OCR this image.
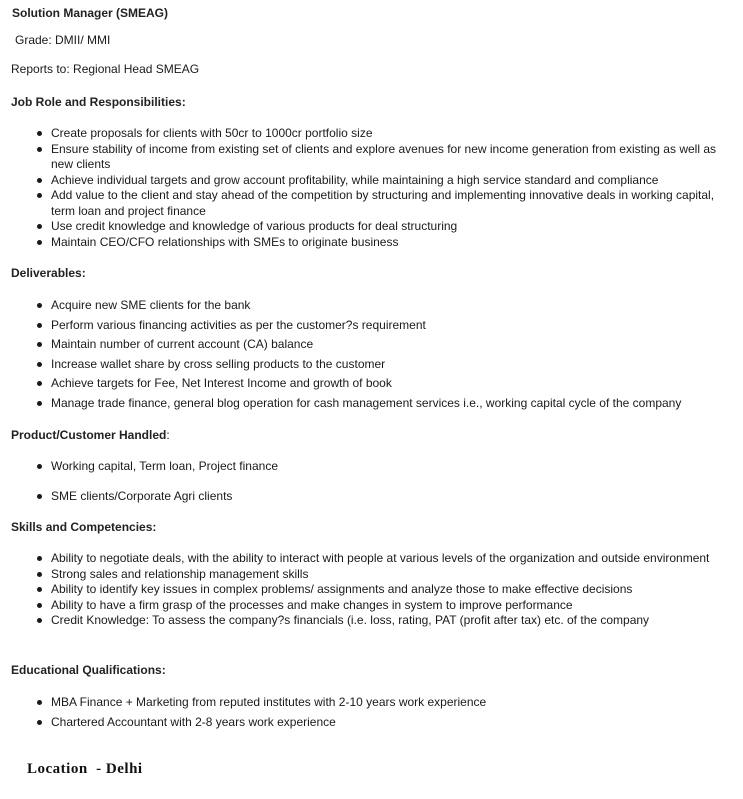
Solution Manager (SMEAG)
Grade: DMII/ MMI
Reports to: Regional Head SMEAG
Job Role and Responsibilities:
Create proposals for clients with 50cr to 1000cr portfolio size
Ensure stability of income from existing set of clients and explore avenues for new income generation from existing as well as new clients
Achieve individual targets and grow account profitability, while maintaining a high service standard and compliance
Add value to the client and stay ahead of the competition by structuring and implementing innovative deals in working capital, term loan and project finance
Use credit knowledge and knowledge of various products for deal structuring
Maintain CEO/CFO relationships with SMEs to originate business
Deliverables:
Acquire new SME clients for the bank
Perform various financing activities as per the customer?s requirement
Maintain number of current account (CA) balance
Increase wallet share by cross selling products to the customer
Achieve targets for Fee, Net Interest Income and growth of book
Manage trade finance, general blog operation for cash management services i.e., working capital cycle of the company
Product/Customer Handled:
Working capital, Term loan, Project finance
SME clients/Corporate Agri clients
Skills and Competencies:
Ability to negotiate deals, with the ability to interact with people at various levels of the organization and outside environment
Strong sales and relationship management skills
Ability to identify key issues in complex problems/ assignments and analyze those to make effective decisions
Ability to have a firm grasp of the processes and make changes in system to improve performance
Credit Knowledge: To assess the company?s financials (i.e. loss, rating, PAT (profit after tax) etc. of the company
Educational Qualifications:
MBA Finance + Marketing from reputed institutes with 2-10 years work experience
Chartered Accountant with 2-8 years work experience
Location  - Delhi
